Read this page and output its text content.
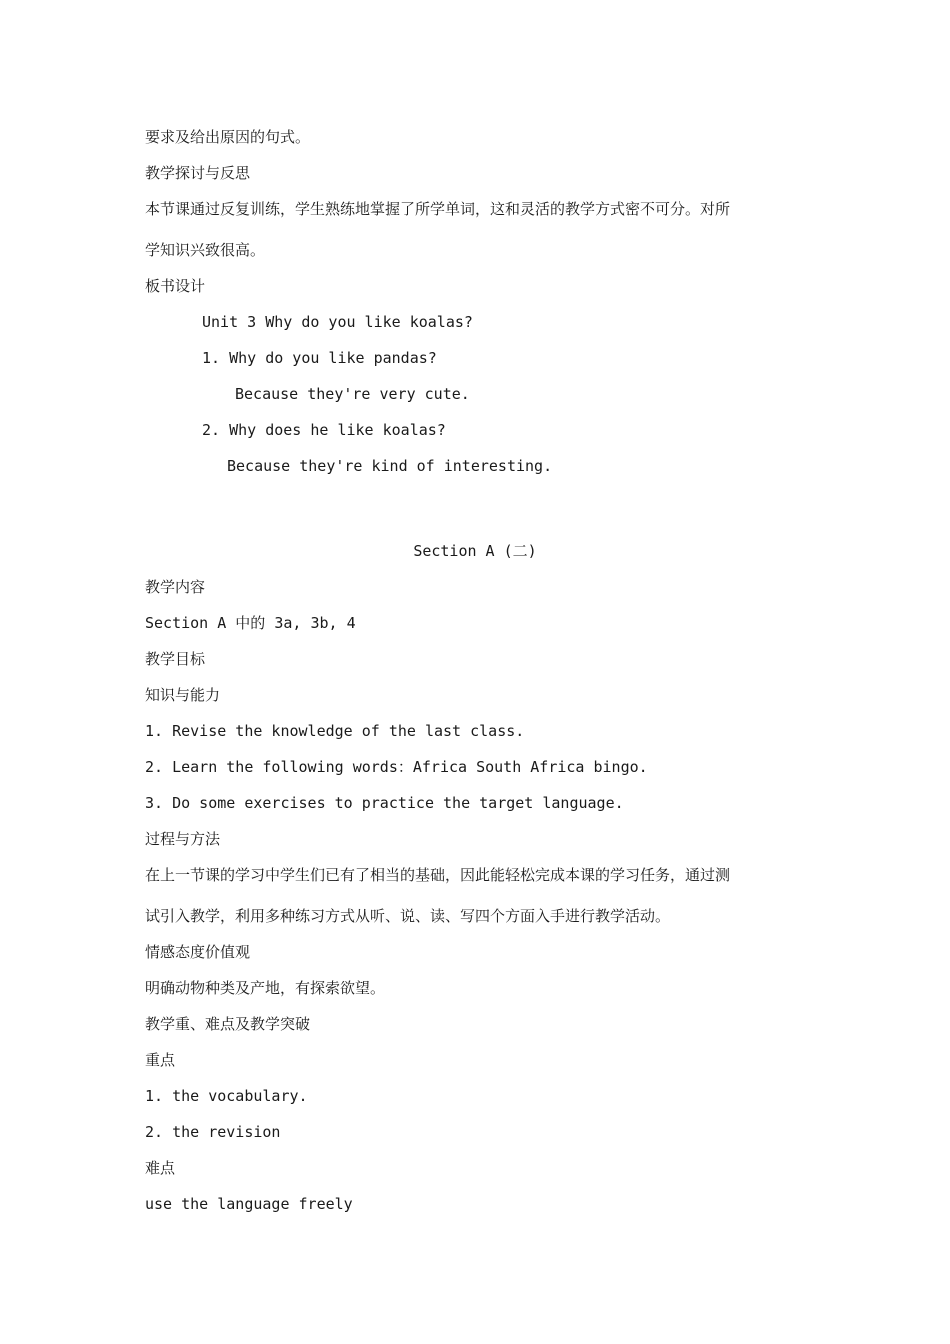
要求及给出原因的句式。

教学探讨与反思

本节课通过反复训练，学生熟练地掌握了所学单词，这和灵活的教学方式密不可分。对所

学知识兴致很高。

板书设计

Unit 3 Why do you like koalas?

1. Why do you like pandas?

Because they're very cute.

2. Why does he like koalas?

Because they're kind of interesting.

Section A (二)

教学内容

Section A 中的 3a, 3b, 4

教学目标

知识与能力

1. Revise the knowledge of the last class.

2. Learn the following words：Africa South Africa bingo.

3. Do some exercises to practice the target language.

过程与方法

在上一节课的学习中学生们已有了相当的基础，因此能轻松完成本课的学习任务，通过测

试引入教学，利用多种练习方式从听、说、读、写四个方面入手进行教学活动。

情感态度价值观

明确动物种类及产地，有探索欲望。

教学重、难点及教学突破

重点

1. the vocabulary.

2. the revision

难点

use the language freely
